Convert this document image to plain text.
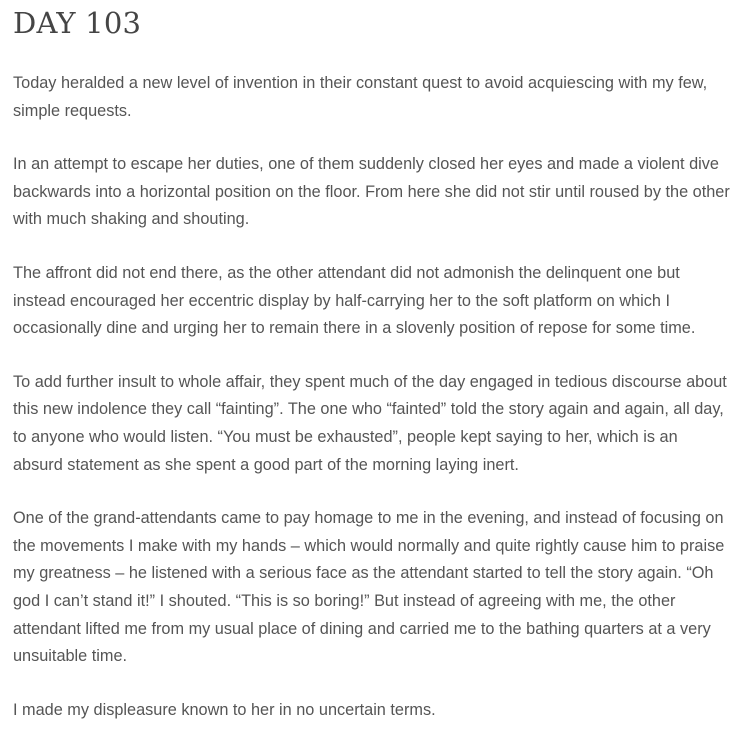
DAY 103

Today heralded a new level of invention in their constant quest to avoid acquiescing with my few, simple requests.

In an attempt to escape her duties, one of them suddenly closed her eyes and made a violent dive backwards into a horizontal position on the floor. From here she did not stir until roused by the other with much shaking and shouting.

The affront did not end there, as the other attendant did not admonish the delinquent one but instead encouraged her eccentric display by half-carrying her to the soft platform on which I occasionally dine and urging her to remain there in a slovenly position of repose for some time.

To add further insult to whole affair, they spent much of the day engaged in tedious discourse about this new indolence they call “fainting”. The one who “fainted” told the story again and again, all day, to anyone who would listen. “You must be exhausted”, people kept saying to her, which is an absurd statement as she spent a good part of the morning laying inert.

One of the grand-attendants came to pay homage to me in the evening, and instead of focusing on the movements I make with my hands – which would normally and quite rightly cause him to praise my greatness – he listened with a serious face as the attendant started to tell the story again. “Oh god I can’t stand it!” I shouted. “This is so boring!” But instead of agreeing with me, the other attendant lifted me from my usual place of dining and carried me to the bathing quarters at a very unsuitable time.

I made my displeasure known to her in no uncertain terms.
